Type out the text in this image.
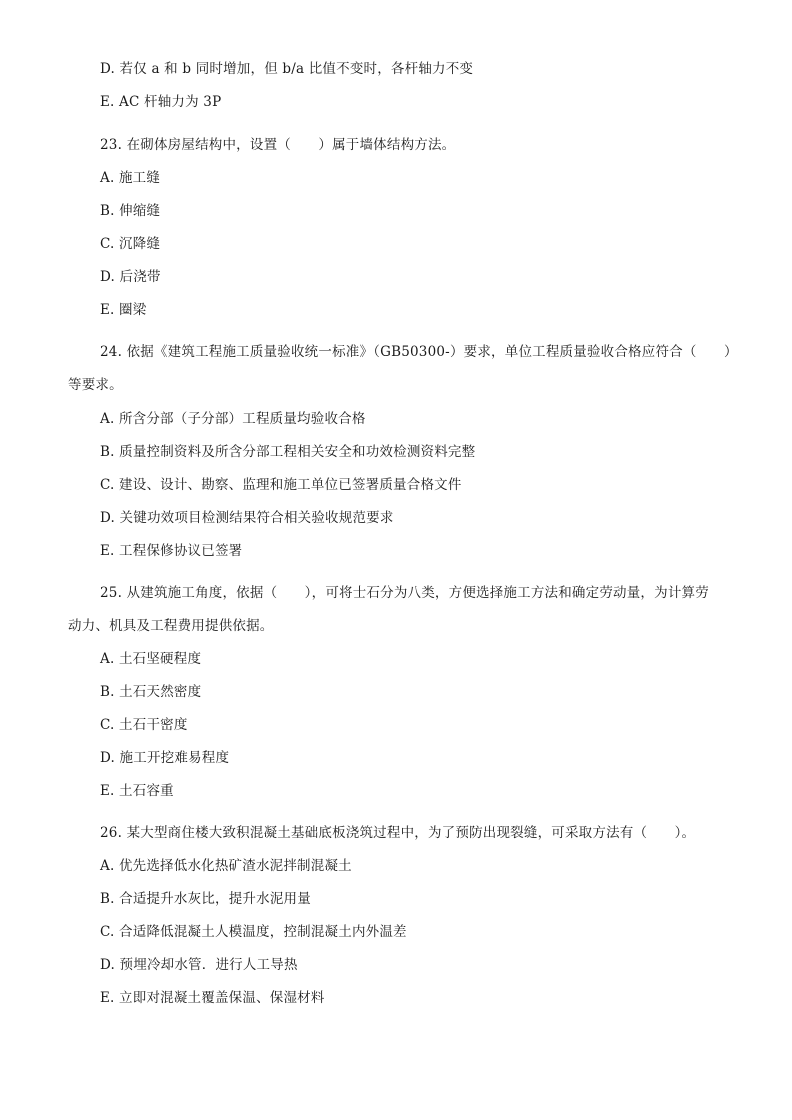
D. 若仅 a 和 b 同时增加，但 b/a 比值不变时，各杆轴力不变
E. AC 杆轴力为 3P
23. 在砌体房屋结构中，设置（　　）属于墙体结构方法。
A. 施工缝
B. 伸缩缝
C. 沉降缝
D. 后浇带
E. 圈梁
24. 依据《建筑工程施工质量验收统一标准》（GB50300-）要求，单位工程质量验收合格应符合（　　）
等要求。
A. 所含分部（子分部）工程质量均验收合格
B. 质量控制资料及所含分部工程相关安全和功效检测资料完整
C. 建设、设计、勘察、监理和施工单位已签署质量合格文件
D. 关键功效项目检测结果符合相关验收规范要求
E. 工程保修协议已签署
25. 从建筑施工角度，依据（　　），可将士石分为八类，方便选择施工方法和确定劳动量，为计算劳
动力、机具及工程费用提供依据。
A. 土石坚硬程度
B. 土石天然密度
C. 土石干密度
D. 施工开挖难易程度
E. 土石容重
26. 某大型商住楼大致积混凝土基础底板浇筑过程中，为了预防出现裂缝，可采取方法有（　　）。
A. 优先选择低水化热矿渣水泥拌制混凝土
B. 合适提升水灰比，提升水泥用量
C. 合适降低混凝土人模温度，控制混凝土内外温差
D. 预埋冷却水管．进行人工导热
E. 立即对混凝土覆盖保温、保湿材料
